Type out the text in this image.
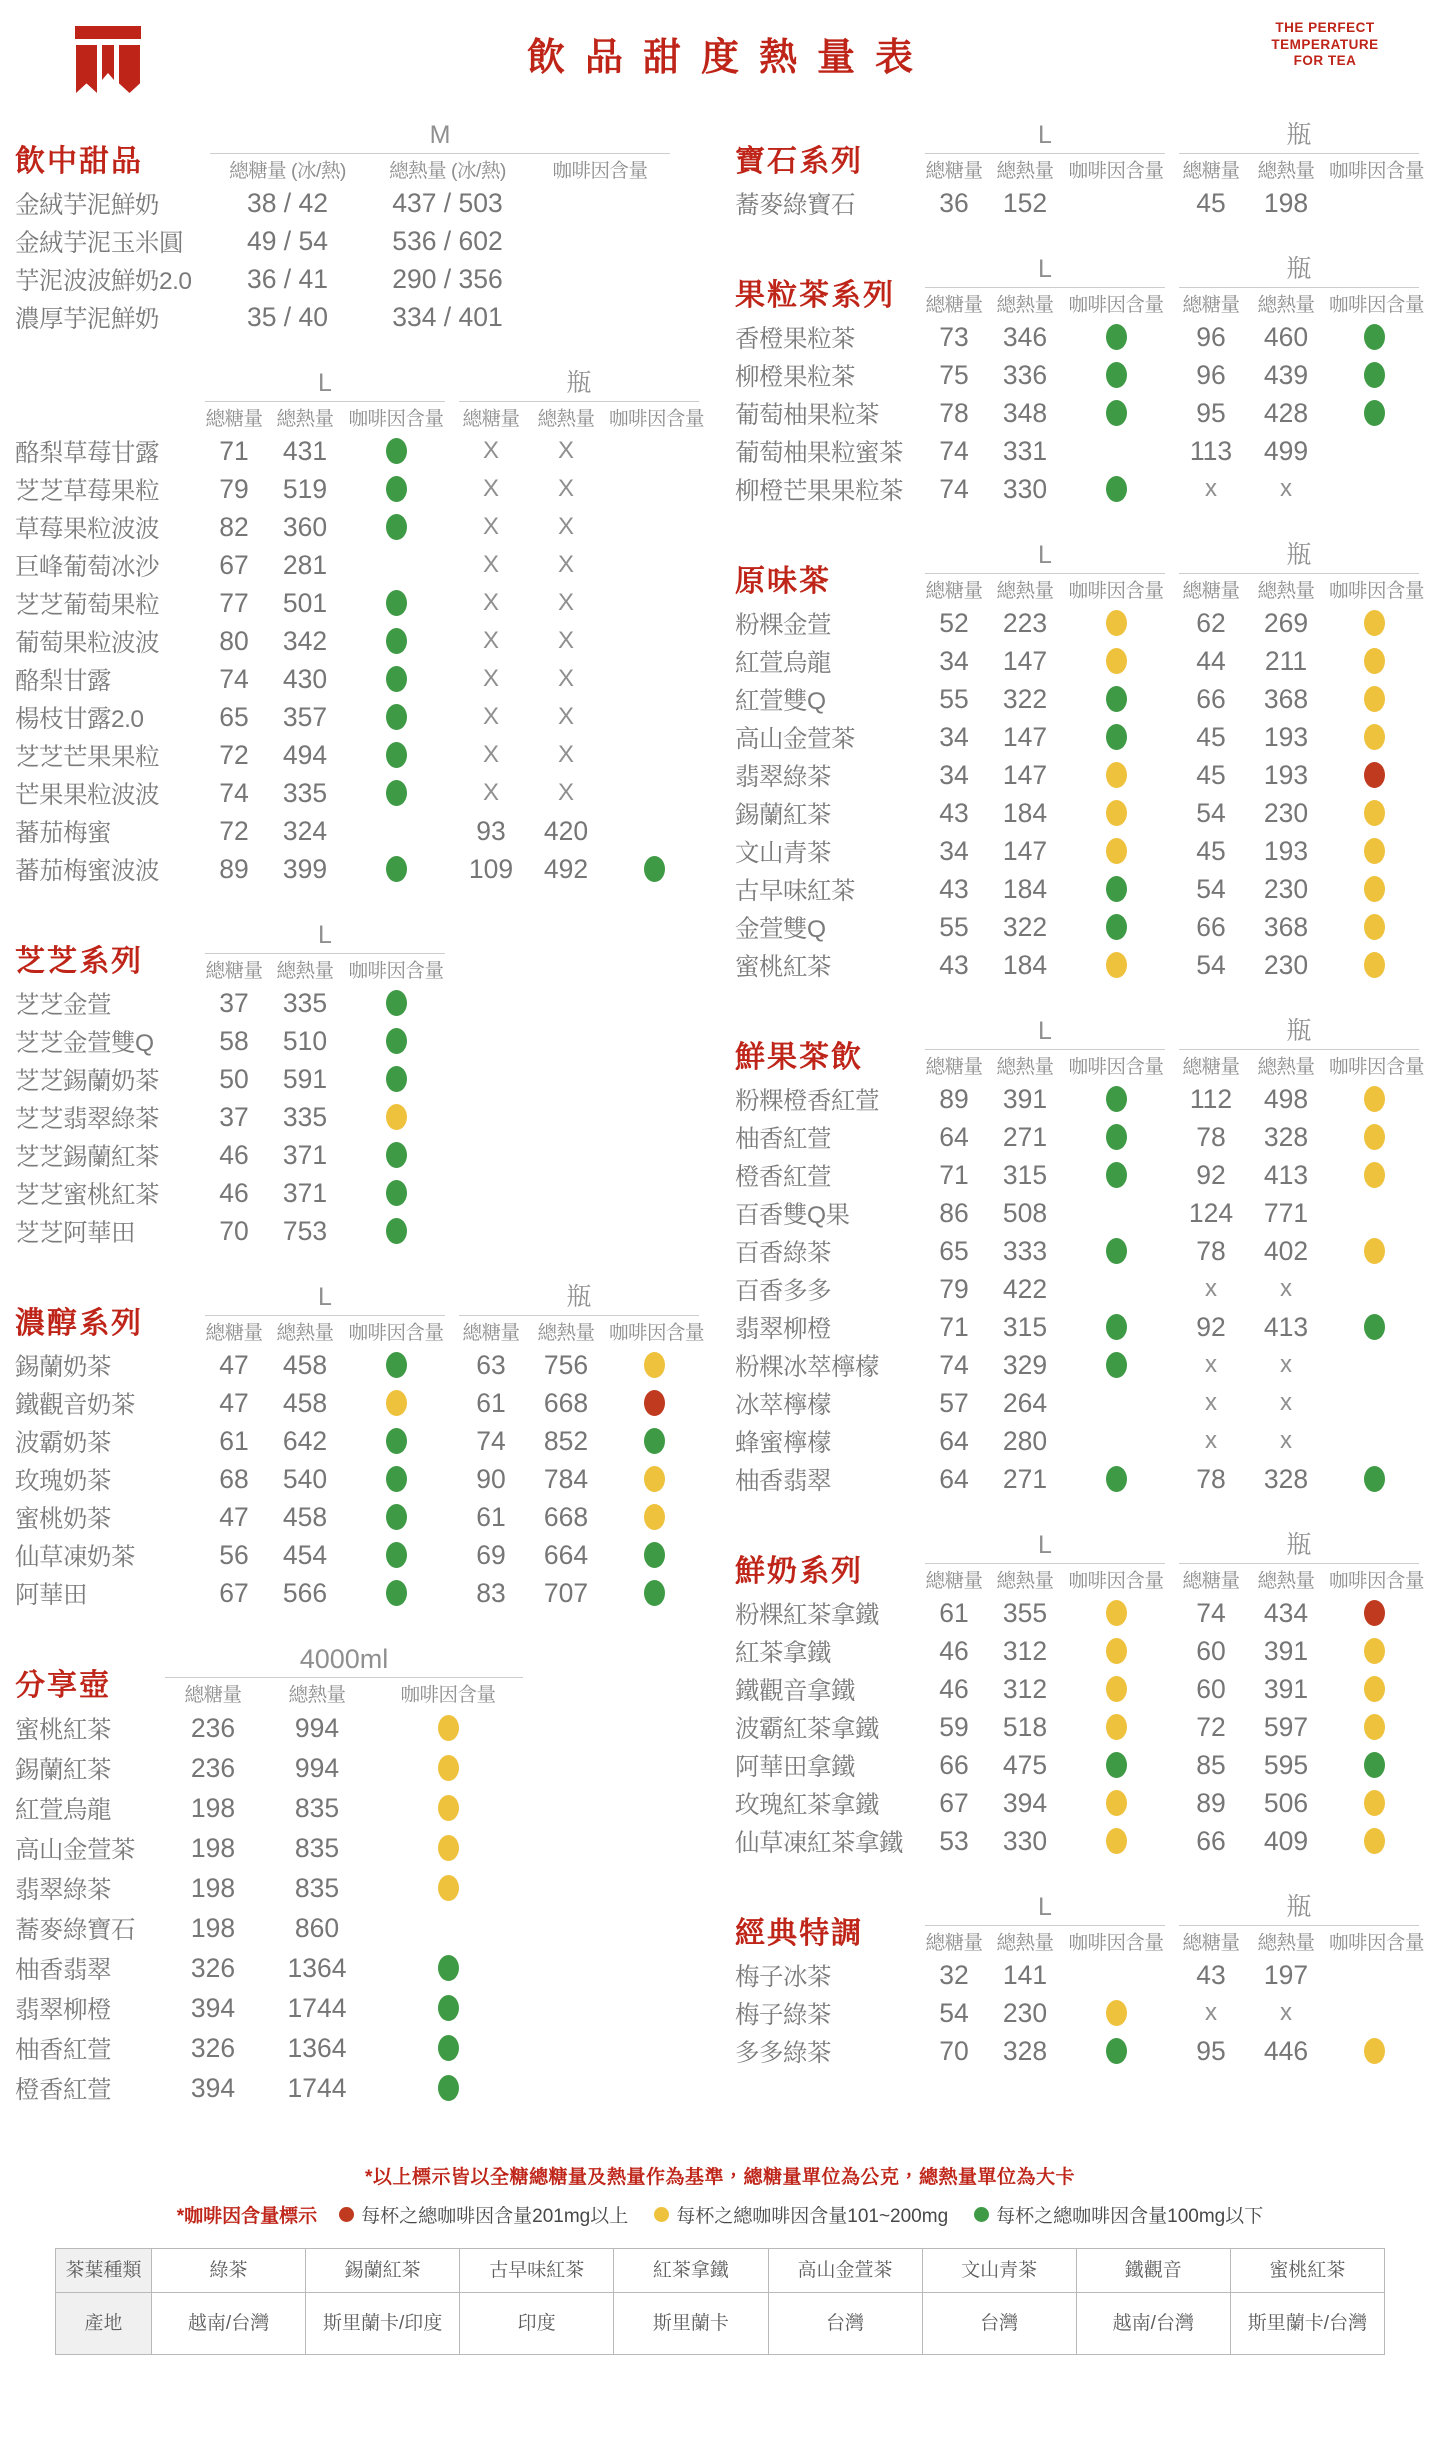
飲品甜度熱量表
THE PERFECT
TEMPERATURE
FOR TEA
飲中甜品
M
總糖量 (冰/熱)	總熱量 (冰/熱)	咖啡因含量
金絨芋泥鮮奶	38 / 42	437 / 503
金絨芋泥玉米圓	49 / 54	536 / 602
芋泥波波鮮奶2.0	36 / 41	290 / 356
濃厚芋泥鮮奶	35 / 40	334 / 401
L
總糖量 總熱量 咖啡因含量
瓶
總糖量 總熱量 咖啡因含量
酪梨草莓甘露	71	431	X	X
芝芝草莓果粒	79	519	X	X
草莓果粒波波	82	360	X	X
巨峰葡萄冰沙	67	281	X	X
芝芝葡萄果粒	77	501	X	X
葡萄果粒波波	80	342	X	X
酪梨甘露	74	430	X	X
楊枝甘露2.0	65	357	X	X
芝芝芒果果粒	72	494	X	X
芒果果粒波波	74	335	X	X
蕃茄梅蜜	72	324	93	420
蕃茄梅蜜波波	89	399	109	492
芝芝系列
L
總糖量 總熱量 咖啡因含量
芝芝金萱	37	335
芝芝金萱雙Q	58	510
芝芝錫蘭奶茶	50	591
芝芝翡翠綠茶	37	335
芝芝錫蘭紅茶	46	371
芝芝蜜桃紅茶	46	371
芝芝阿華田	70	753
濃醇系列
L
總糖量 總熱量 咖啡因含量
瓶
總糖量 總熱量 咖啡因含量
錫蘭奶茶	47	458	63	756
鐵觀音奶茶	47	458	61	668
波霸奶茶	61	642	74	852
玫瑰奶茶	68	540	90	784
蜜桃奶茶	47	458	61	668
仙草凍奶茶	56	454	69	664
阿華田	67	566	83	707
分享壺
4000ml
總糖量	總熱量	咖啡因含量
蜜桃紅茶	236	994
錫蘭紅茶	236	994
紅萱烏龍	198	835
高山金萱茶	198	835
翡翠綠茶	198	835
蕎麥綠寶石	198	860
柚香翡翠	326	1364
翡翠柳橙	394	1744
柚香紅萱	326	1364
橙香紅萱	394	1744
寶石系列
L
總糖量 總熱量 咖啡因含量
瓶
總糖量 總熱量 咖啡因含量
蕎麥綠寶石	36	152	45	198
果粒茶系列
L
總糖量 總熱量 咖啡因含量
瓶
總糖量 總熱量 咖啡因含量
香橙果粒茶	73	346	96	460
柳橙果粒茶	75	336	96	439
葡萄柚果粒茶	78	348	95	428
葡萄柚果粒蜜茶	74	331	113	499
柳橙芒果果粒茶	74	330	x	x
原味茶
L
總糖量 總熱量 咖啡因含量
瓶
總糖量 總熱量 咖啡因含量
粉粿金萱	52	223	62	269
紅萱烏龍	34	147	44	211
紅萱雙Q	55	322	66	368
高山金萱茶	34	147	45	193
翡翠綠茶	34	147	45	193
錫蘭紅茶	43	184	54	230
文山青茶	34	147	45	193
古早味紅茶	43	184	54	230
金萱雙Q	55	322	66	368
蜜桃紅茶	43	184	54	230
鮮果茶飲
L
總糖量 總熱量 咖啡因含量
瓶
總糖量 總熱量 咖啡因含量
粉粿橙香紅萱	89	391	112	498
柚香紅萱	64	271	78	328
橙香紅萱	71	315	92	413
百香雙Q果	86	508	124	771
百香綠茶	65	333	78	402
百香多多	79	422	x	x
翡翠柳橙	71	315	92	413
粉粿冰萃檸檬	74	329	x	x
冰萃檸檬	57	264	x	x
蜂蜜檸檬	64	280	x	x
柚香翡翠	64	271	78	328
鮮奶系列
L
總糖量 總熱量 咖啡因含量
瓶
總糖量 總熱量 咖啡因含量
粉粿紅茶拿鐵	61	355	74	434
紅茶拿鐵	46	312	60	391
鐵觀音拿鐵	46	312	60	391
波霸紅茶拿鐵	59	518	72	597
阿華田拿鐵	66	475	85	595
玫瑰紅茶拿鐵	67	394	89	506
仙草凍紅茶拿鐵	53	330	66	409
經典特調
L
總糖量 總熱量 咖啡因含量
瓶
總糖量 總熱量 咖啡因含量
梅子冰茶	32	141	43	197
梅子綠茶	54	230	x	x
多多綠茶	70	328	95	446
*以上標示皆以全糖總糖量及熱量作為基準，總糖量單位為公克，總熱量單位為大卡
*咖啡因含量標示 每杯之總咖啡因含量201mg以上	每杯之總咖啡因含量101~200mg	每杯之總咖啡因含量100mg以下
茶葉種類	綠茶	錫蘭紅茶	古早味紅茶	紅茶拿鐵	高山金萱茶	文山青茶	鐵觀音	蜜桃紅茶
產地	越南/台灣	斯里蘭卡/印度	印度	斯里蘭卡	台灣	台灣	越南/台灣	斯里蘭卡/台灣
